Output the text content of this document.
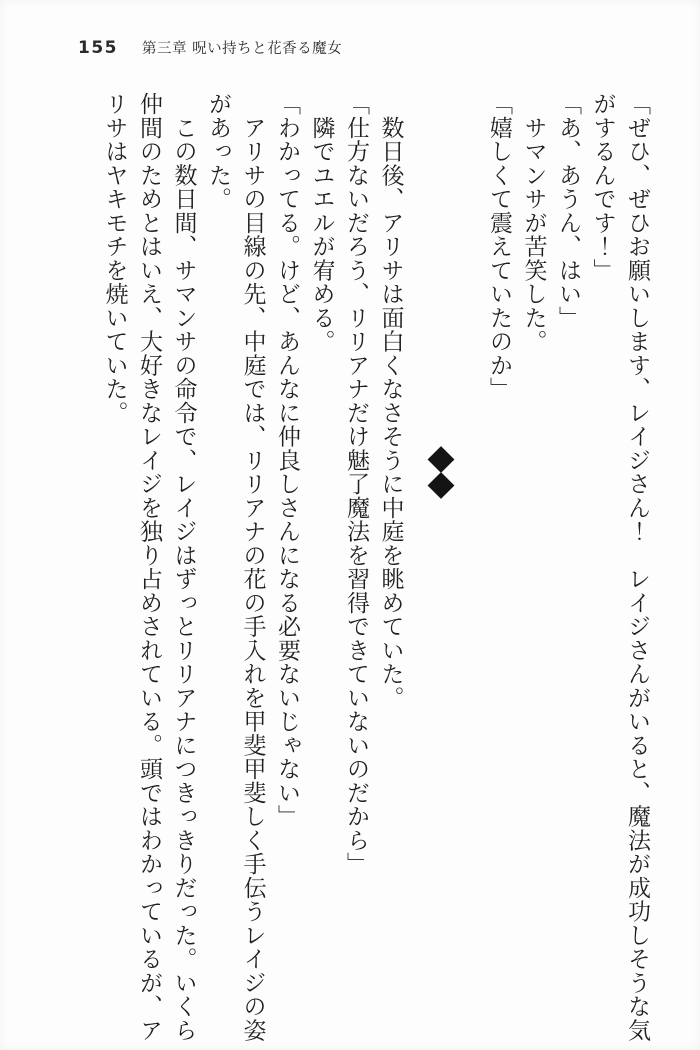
155 第三章 呪い持ちと花香る魔女

「ぜひ、ぜひお願いします、レイジさん！　レイジさんがいると、魔法が成功しそうな気

がするんです！」

「あ、あうん、はい」

　サマンサが苦笑した。

「嬉しくて震えていたのか」

　数日後、アリサは面白くなさそうに中庭を眺めていた。

「仕方ないだろう、リリアナだけ魅了魔法を習得できていないのだから」

　隣でユエルが宥める。

「わかってる。けど、あんなに仲良しさんになる必要ないじゃない」

　アリサの目線の先、中庭では、リリアナの花の手入れを甲斐甲斐しく手伝うレイジの姿

があった。

　この数日間、サマンサの命令で、レイジはずっとリリアナにつきっきりだった。いくら

仲間のためとはいえ、大好きなレイジを独り占めされている。頭ではわかっているが、ア

リサはヤキモチを焼いていた。
